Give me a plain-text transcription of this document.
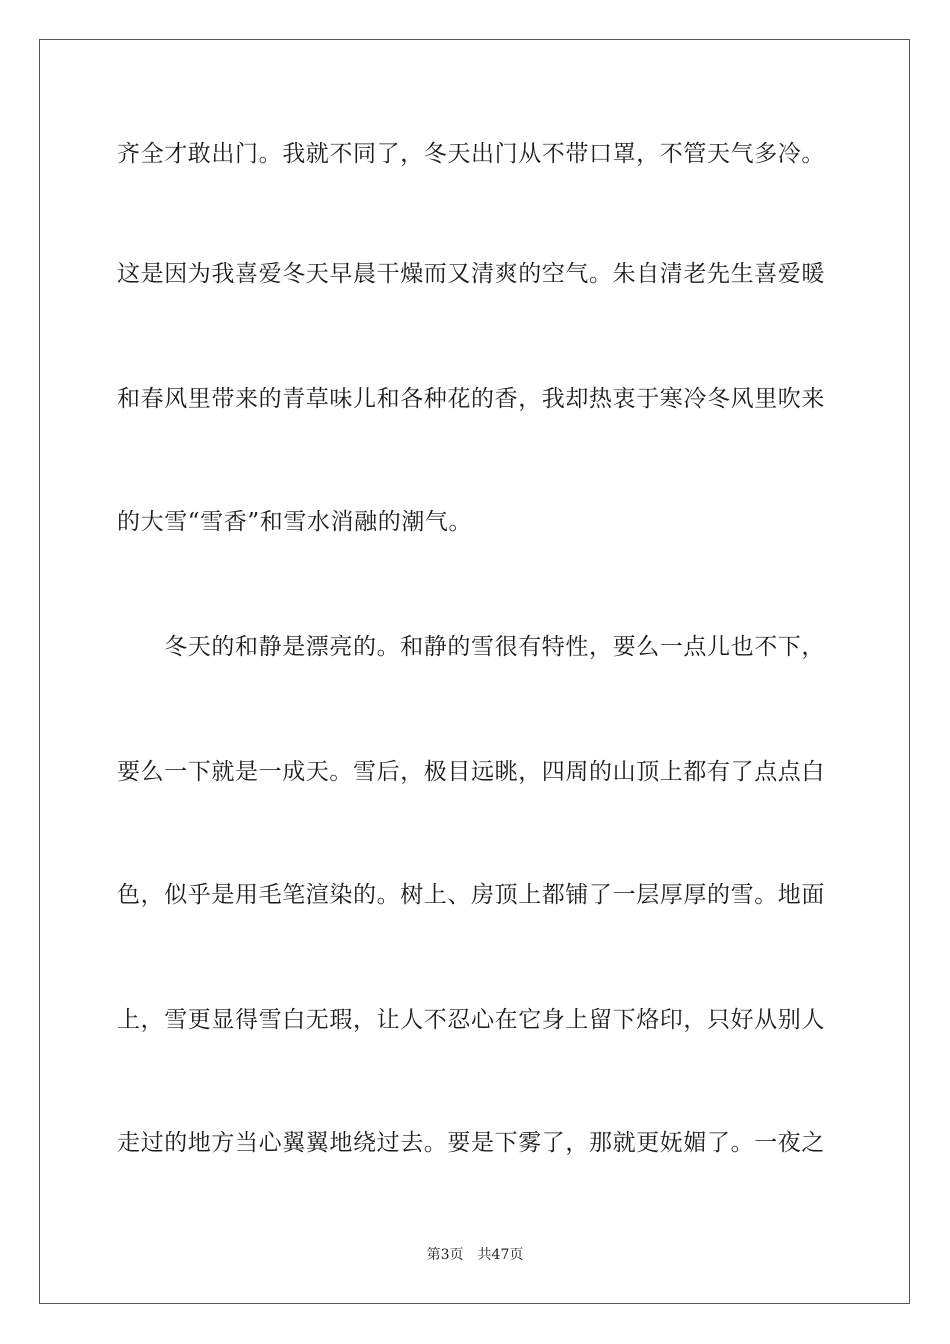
齐全才敢出门。我就不同了，冬天出门从不带口罩，不管天气多冷。
这是因为我喜爱冬天早晨干燥而又清爽的空气。朱自清老先生喜爱暖
和春风里带来的青草味儿和各种花的香，我却热衷于寒冷冬风里吹来
的大雪“雪香”和雪水消融的潮气。
　　冬天的和静是漂亮的。和静的雪很有特性，要么一点儿也不下，
要么一下就是一成天。雪后，极目远眺，四周的山顶上都有了点点白
色，似乎是用毛笔渲染的。树上、房顶上都铺了一层厚厚的雪。地面
上，雪更显得雪白无瑕，让人不忍心在它身上留下烙印，只好从别人
走过的地方当心翼翼地绕过去。要是下雾了，那就更妩媚了。一夜之
第3页 共47页
